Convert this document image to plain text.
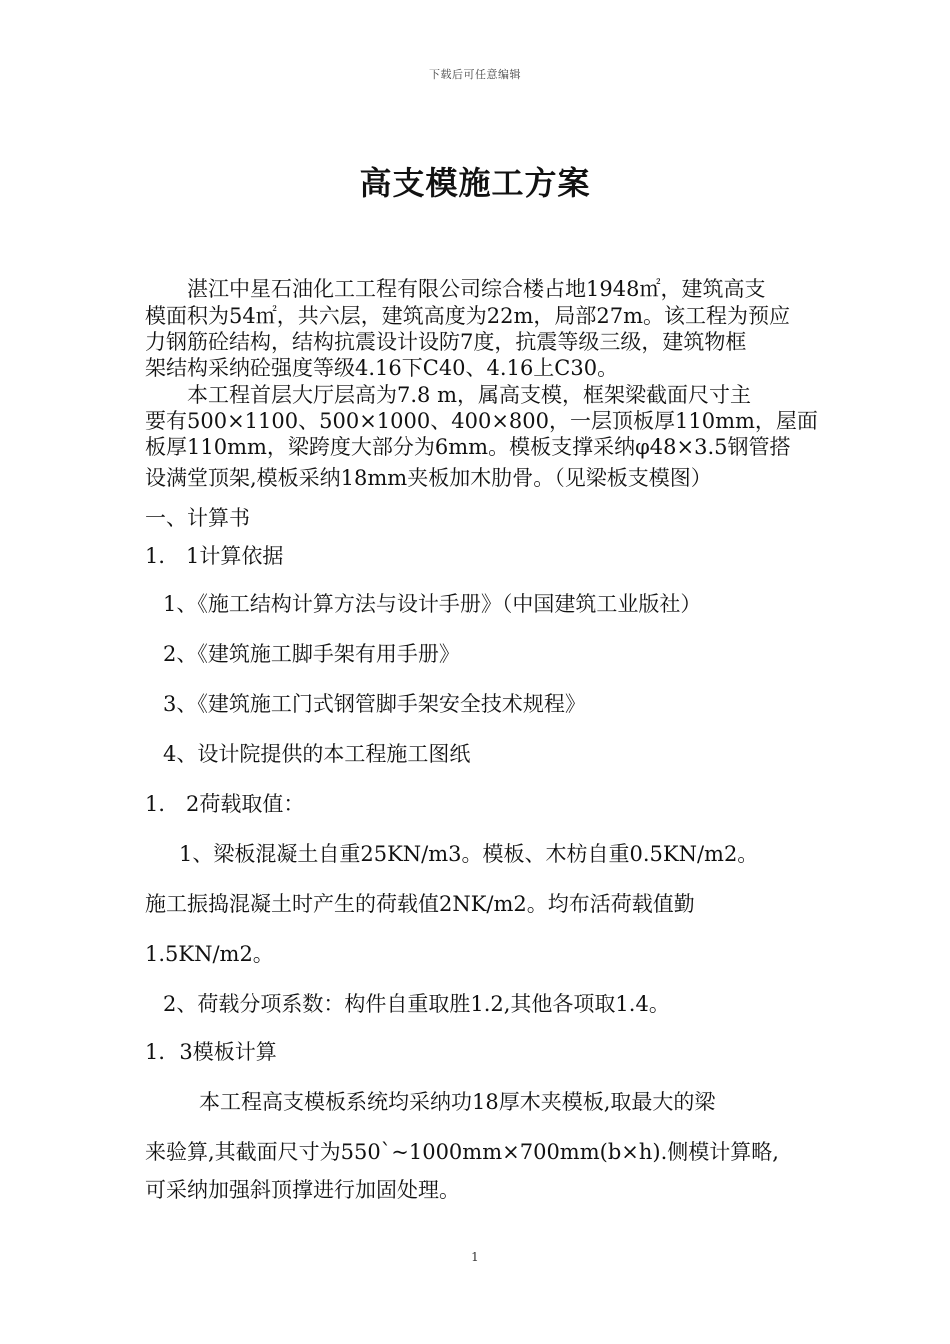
下载后可任意编辑
高支模施工方案

湛江中星石油化工工程有限公司综合楼占地1948㎡，建筑高支

模面积为54㎡，共六层，建筑高度为22m，局部27m。该工程为预应

力钢筋砼结构，结构抗震设计设防7度，抗震等级三级，建筑物框

架结构采纳砼强度等级4.16下C40、4.16上C30。

本工程首层大厅层高为7.8 m，属高支模，框架梁截面尺寸主

要有500×1100、500×1000、400×800，一层顶板厚110mm，屋面

板厚110mm，梁跨度大部分为6mm。模板支撑采纳φ48×3.5钢管搭

设满堂顶架,模板采纳18mm夹板加木肋骨。（见梁板支模图）

一、计算书

1． 1计算依据

1、《施工结构计算方法与设计手册》（中国建筑工业版社）

2、《建筑施工脚手架有用手册》

3、《建筑施工门式钢管脚手架安全技术规程》

4、设计院提供的本工程施工图纸

1． 2荷载取值：

1、梁板混凝土自重25KN/m3。模板、木枋自重0.5KN/m2。

施工振捣混凝土时产生的荷载值2NK/m2。均布活荷载值勤

1.5KN/m2。

2、荷载分项系数：构件自重取胜1.2,其他各项取1.4。

1．3模板计算

本工程高支模板系统均采纳功18厚木夹模板,取最大的梁

来验算,其截面尺寸为550`~1000mm×700mm(b×h).侧模计算略,

可采纳加强斜顶撑进行加固处理。

1
